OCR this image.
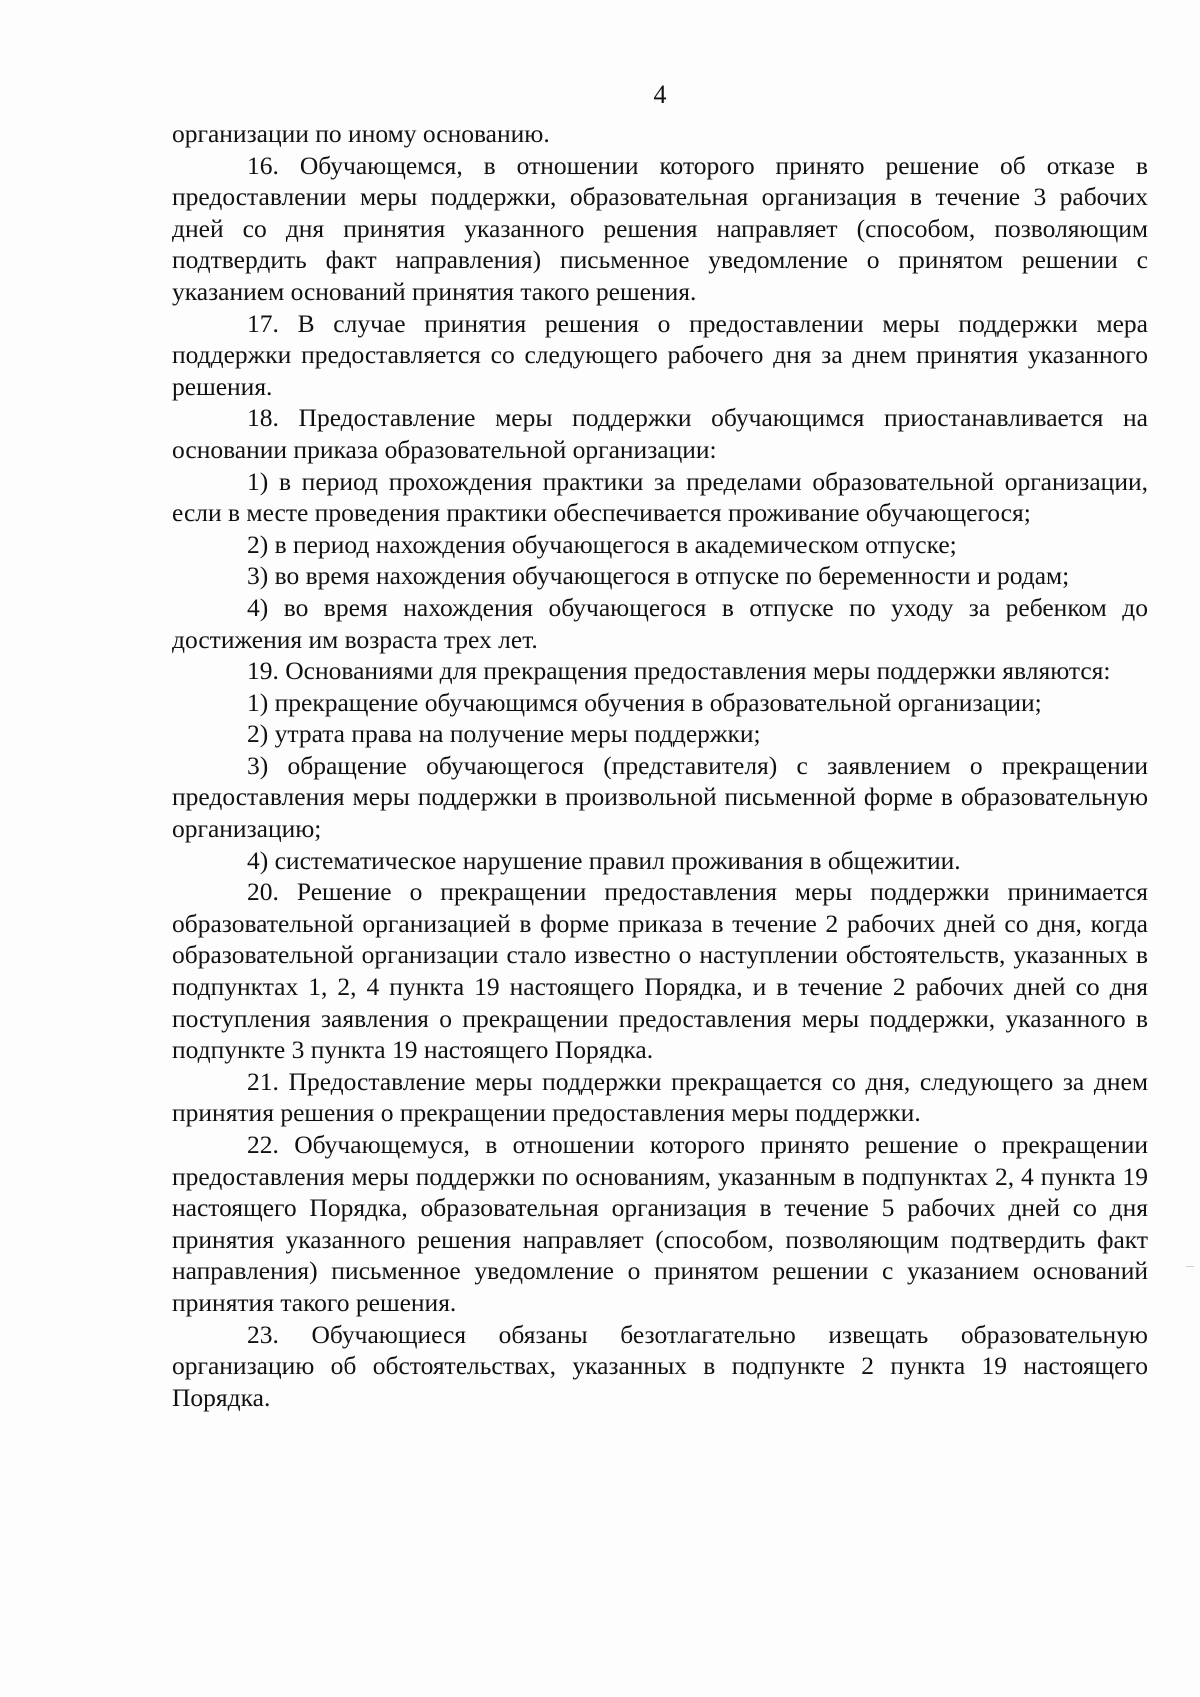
4

организации по иному основанию.

16. Обучающемся, в отношении которого принято решение об отказе в предоставлении меры поддержки, образовательная организация в течение 3 рабочих дней со дня принятия указанного решения направляет (способом, позволяющим подтвердить факт направления) письменное уведомление о принятом решении с указанием оснований принятия такого решения.

17. В случае принятия решения о предоставлении меры поддержки мера поддержки предоставляется со следующего рабочего дня за днем принятия указанного решения.

18. Предоставление меры поддержки обучающимся приостанавливается на основании приказа образовательной организации:

1) в период прохождения практики за пределами образовательной организации, если в месте проведения практики обеспечивается проживание обучающегося;

2) в период нахождения обучающегося в академическом отпуске;

3) во время нахождения обучающегося в отпуске по беременности и родам;

4) во время нахождения обучающегося в отпуске по уходу за ребенком до достижения им возраста трех лет.

19. Основаниями для прекращения предоставления меры поддержки являются:

1) прекращение обучающимся обучения в образовательной организации;

2) утрата права на получение меры поддержки;

3) обращение обучающегося (представителя) с заявлением о прекращении предоставления меры поддержки в произвольной письменной форме в образовательную организацию;

4) систематическое нарушение правил проживания в общежитии.

20. Решение о прекращении предоставления меры поддержки принимается образовательной организацией в форме приказа в течение 2 рабочих дней со дня, когда образовательной организации стало известно о наступлении обстоятельств, указанных в подпунктах 1, 2, 4 пункта 19 настоящего Порядка, и в течение 2 рабочих дней со дня поступления заявления о прекращении предоставления меры поддержки, указанного в подпункте 3 пункта 19 настоящего Порядка.

21. Предоставление меры поддержки прекращается со дня, следующего за днем принятия решения о прекращении предоставления меры поддержки.

22. Обучающемуся, в отношении которого принято решение о прекращении предоставления меры поддержки по основаниям, указанным в подпунктах 2, 4 пункта 19 настоящего Порядка, образовательная организация в течение 5 рабочих дней со дня принятия указанного решения направляет (способом, позволяющим подтвердить факт направления) письменное уведомление о принятом решении с указанием оснований принятия такого решения.

23. Обучающиеся обязаны безотлагательно извещать образовательную организацию об обстоятельствах, указанных в подпункте 2 пункта 19 настоящего Порядка.
